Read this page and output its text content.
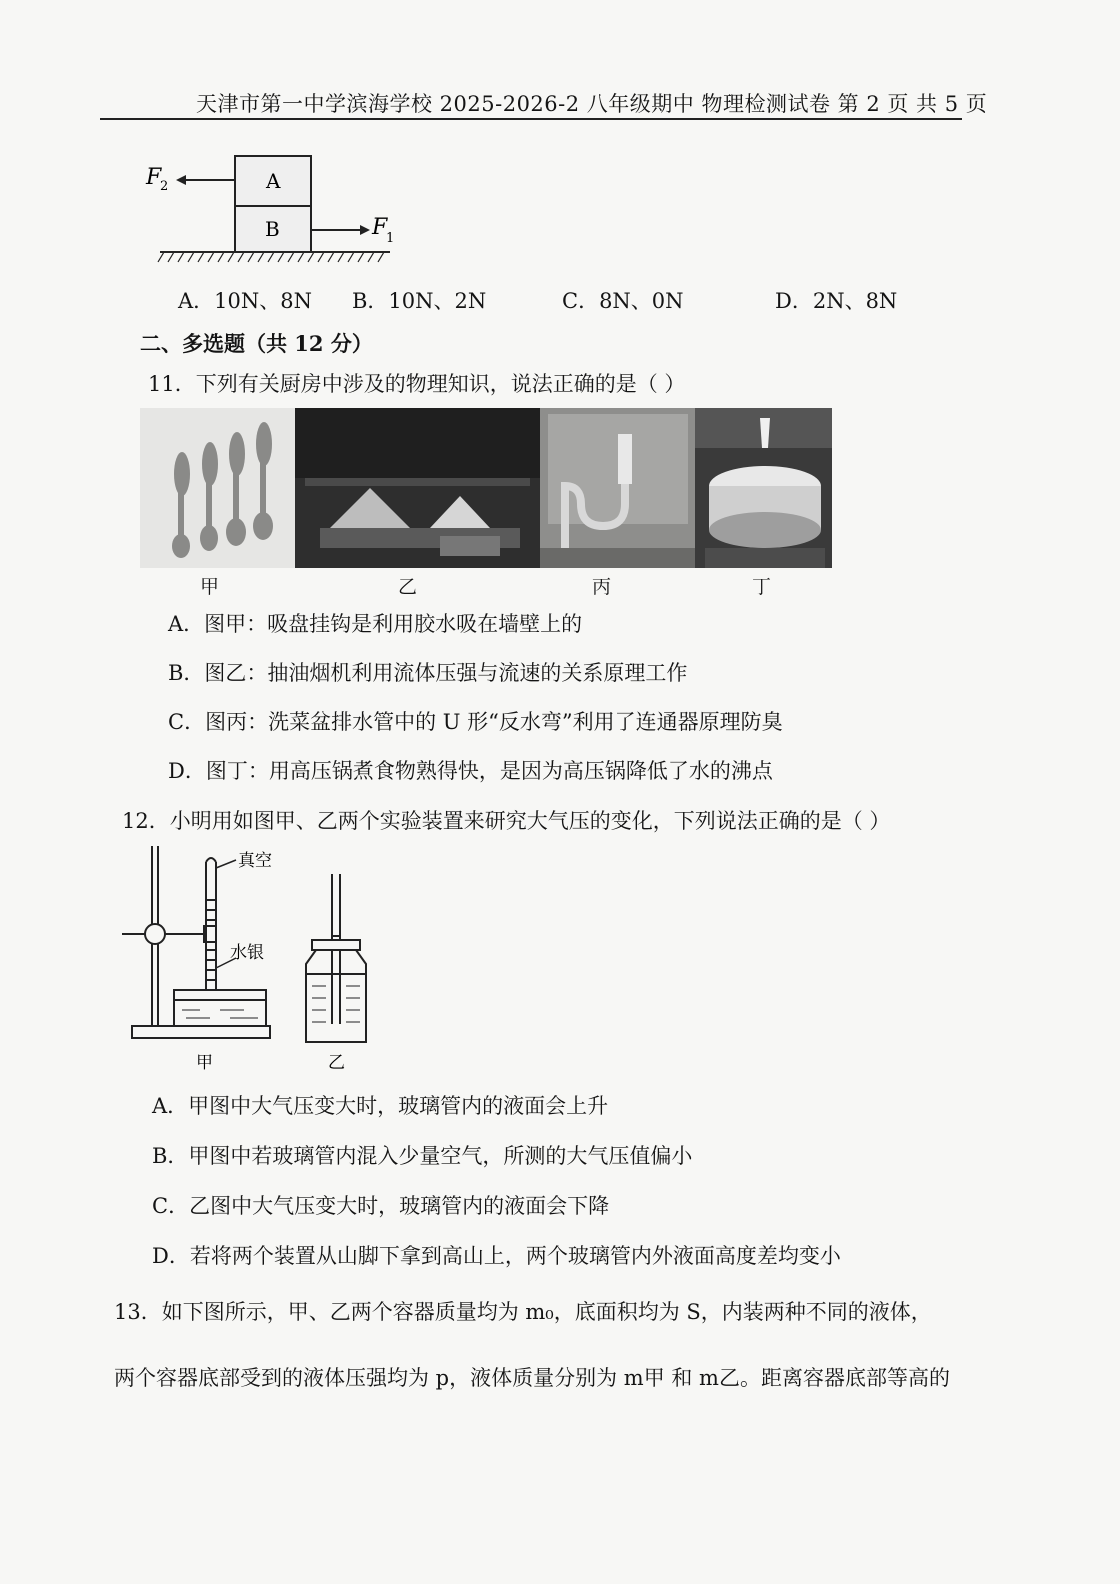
天津市第一中学滨海学校 2025-2026-2 八年级期中 物理检测试卷 第 2 页 共 5 页
A
B
F
2
F
1
A．10N、8N B．10N、2N	C．8N、0N	D．2N、8N
二、多选题（共 12 分）
11．下列有关厨房中涉及的物理知识，说法正确的是（ ）
甲	乙	丙	丁
A．图甲：吸盘挂钩是利用胶水吸在墙壁上的
B．图乙：抽油烟机利用流体压强与流速的关系原理工作
C．图丙：洗菜盆排水管中的 U 形“反水弯”利用了连通器原理防臭
D．图丁：用高压锅煮食物熟得快，是因为高压锅降低了水的沸点
12．小明用如图甲、乙两个实验装置来研究大气压的变化，下列说法正确的是（ ）
真空
水银
甲	乙
A．甲图中大气压变大时，玻璃管内的液面会上升
B．甲图中若玻璃管内混入少量空气，所测的大气压值偏小
C．乙图中大气压变大时，玻璃管内的液面会下降
D．若将两个装置从山脚下拿到高山上，两个玻璃管内外液面高度差均变小
13．如下图所示，甲、乙两个容器质量均为 m₀，底面积均为 S，内装两种不同的液体，
两个容器底部受到的液体压强均为 p，液体质量分别为 m甲 和 m乙。距离容器底部等高的
